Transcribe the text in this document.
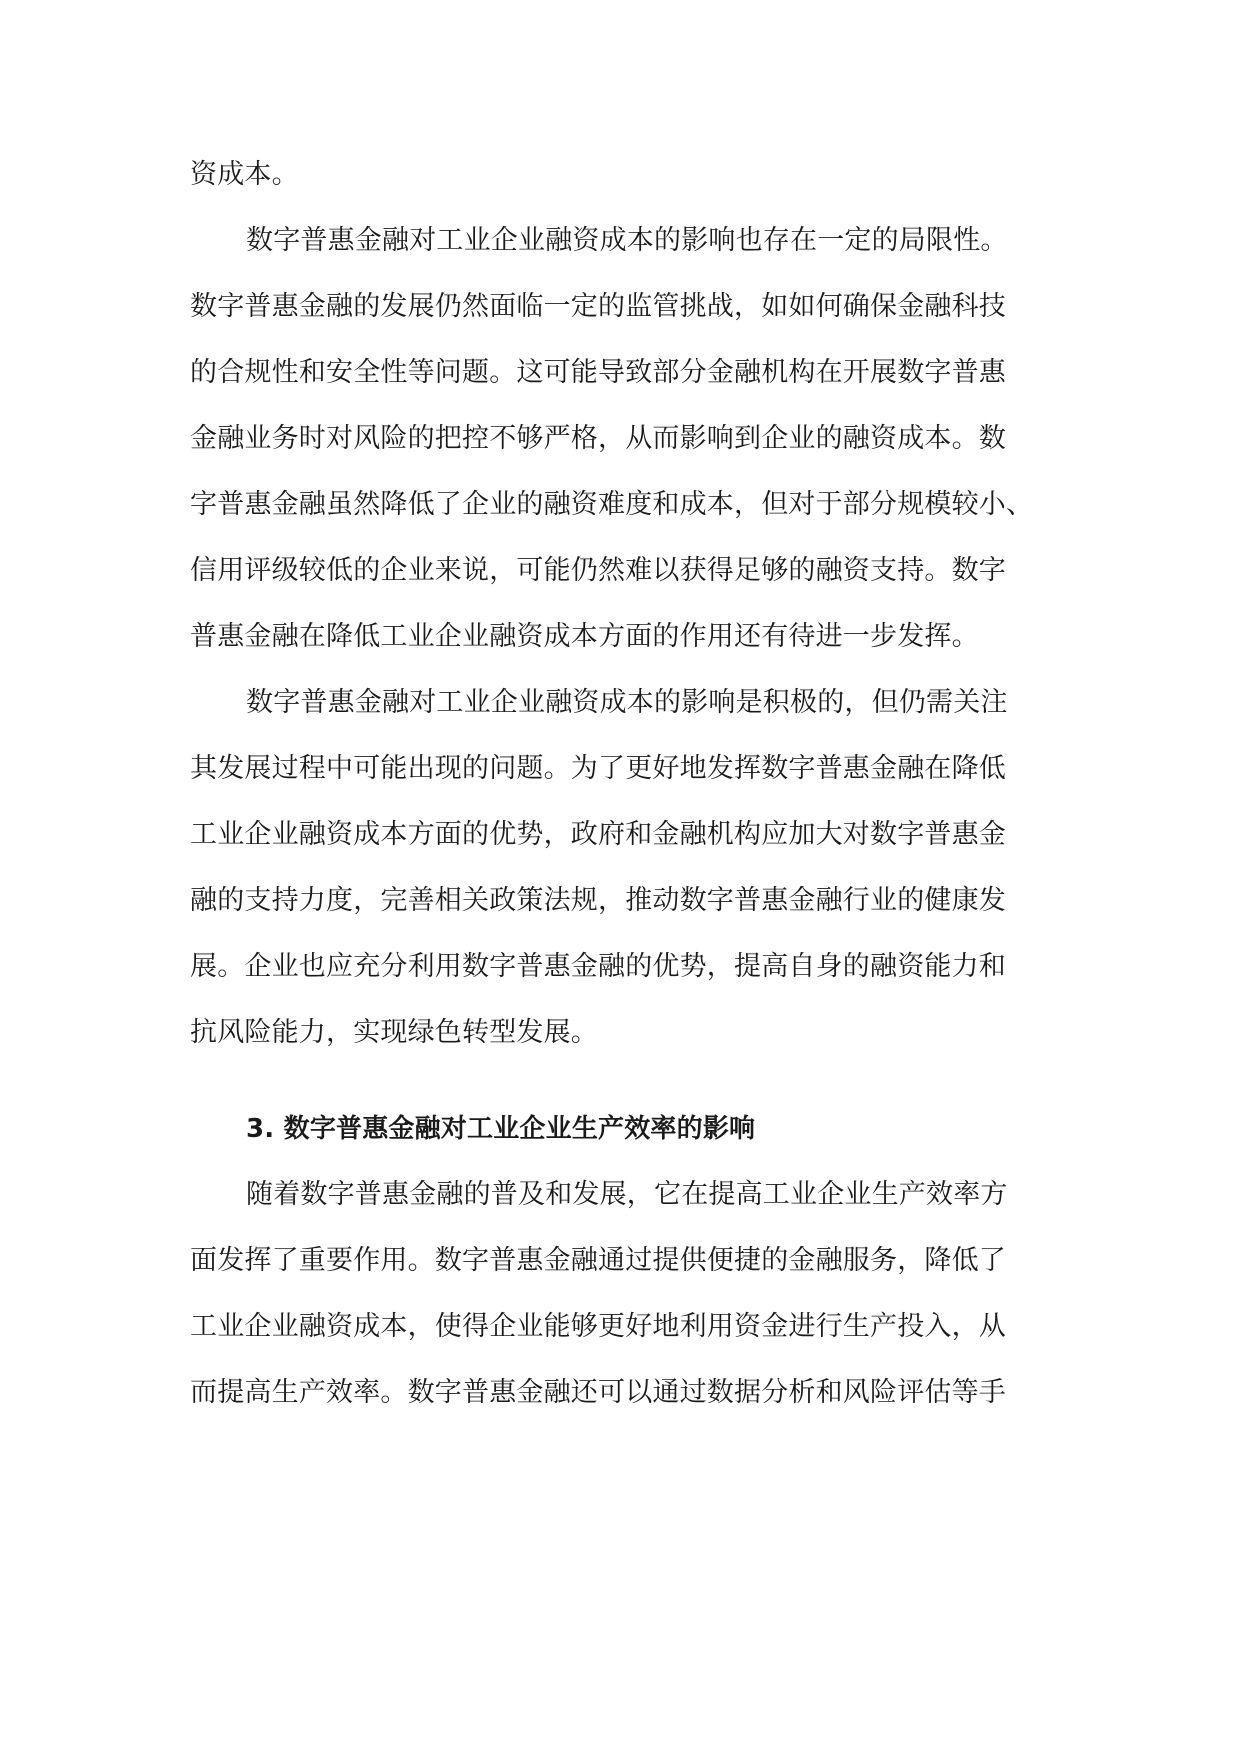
资成本。
数字普惠金融对工业企业融资成本的影响也存在一定的局限性。
数字普惠金融的发展仍然面临一定的监管挑战，如如何确保金融科技
的合规性和安全性等问题。这可能导致部分金融机构在开展数字普惠
金融业务时对风险的把控不够严格，从而影响到企业的融资成本。数
字普惠金融虽然降低了企业的融资难度和成本，但对于部分规模较小、
信用评级较低的企业来说，可能仍然难以获得足够的融资支持。数字
普惠金融在降低工业企业融资成本方面的作用还有待进一步发挥。
数字普惠金融对工业企业融资成本的影响是积极的，但仍需关注
其发展过程中可能出现的问题。为了更好地发挥数字普惠金融在降低
工业企业融资成本方面的优势，政府和金融机构应加大对数字普惠金
融的支持力度，完善相关政策法规，推动数字普惠金融行业的健康发
展。企业也应充分利用数字普惠金融的优势，提高自身的融资能力和
抗风险能力，实现绿色转型发展。
3. 数字普惠金融对工业企业生产效率的影响
随着数字普惠金融的普及和发展，它在提高工业企业生产效率方
面发挥了重要作用。数字普惠金融通过提供便捷的金融服务，降低了
工业企业融资成本，使得企业能够更好地利用资金进行生产投入，从
而提高生产效率。数字普惠金融还可以通过数据分析和风险评估等手
